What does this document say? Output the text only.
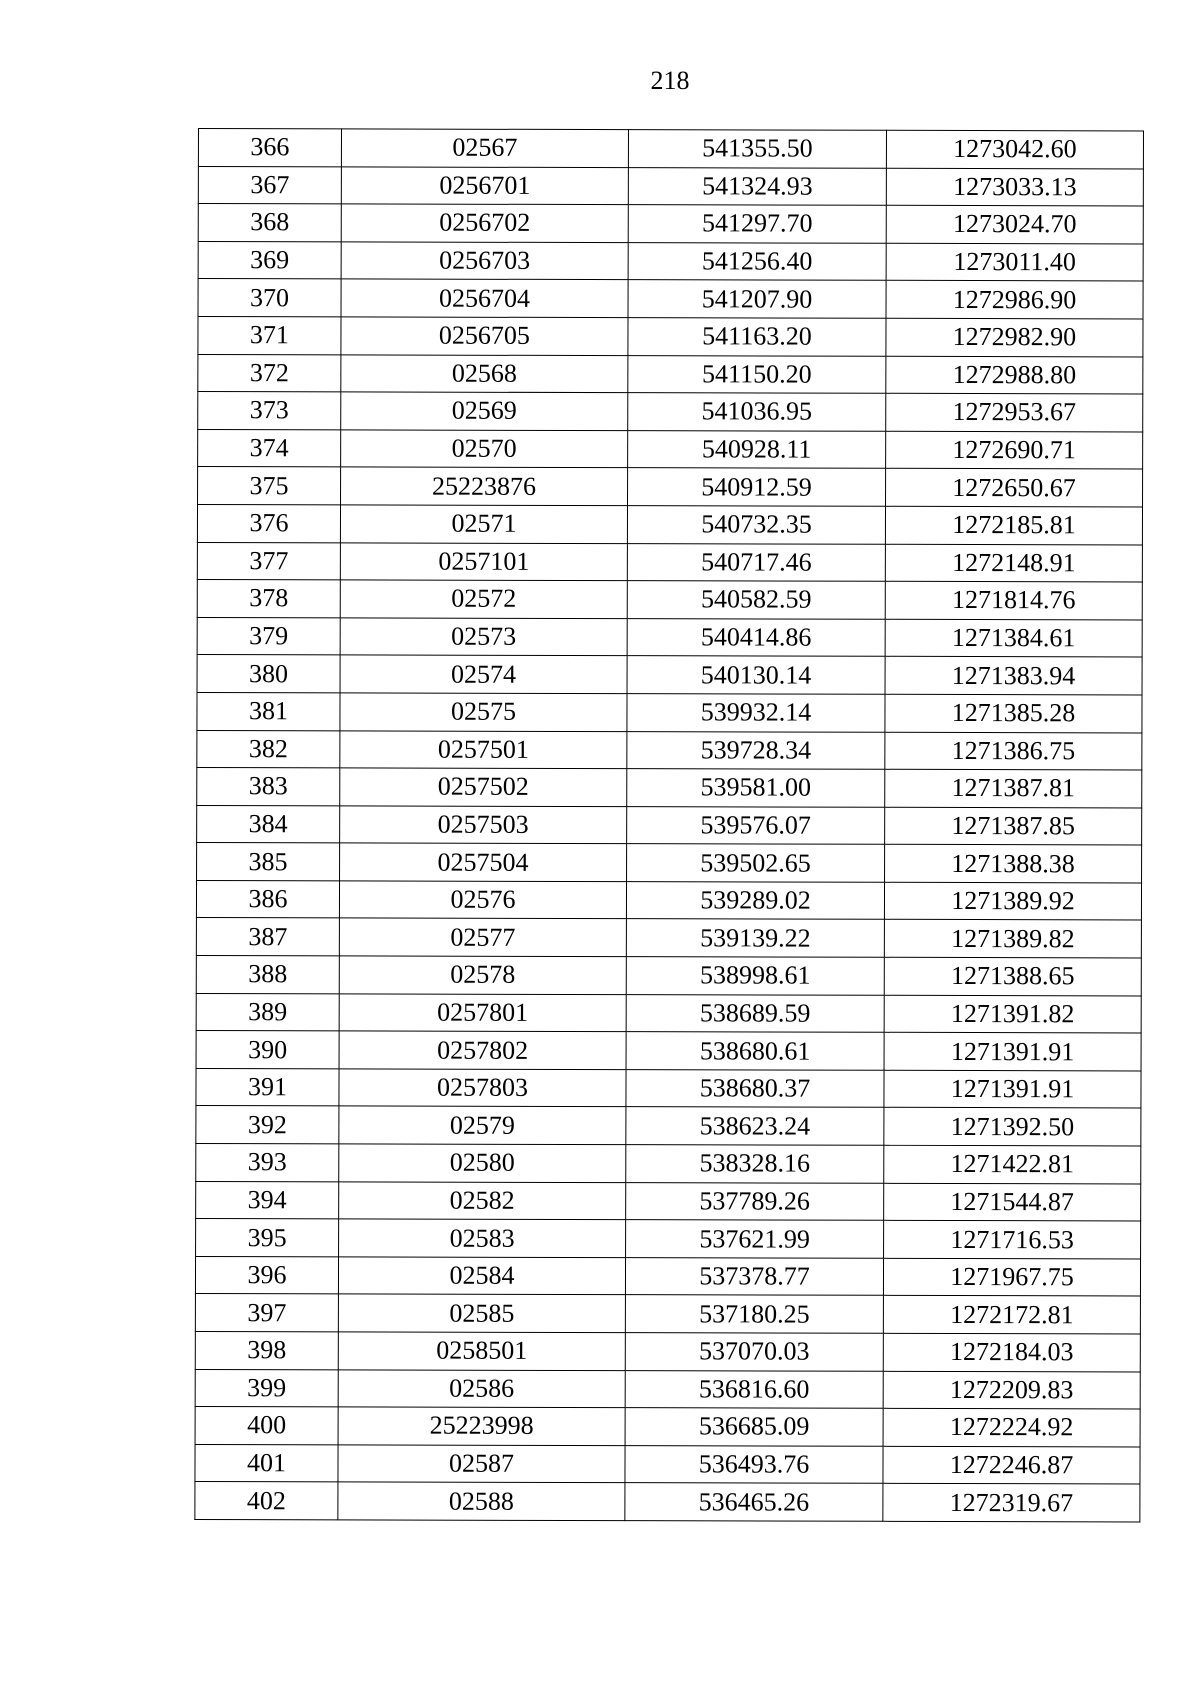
218
366	02567	541355.50	1273042.60
367	0256701	541324.93	1273033.13
368	0256702	541297.70	1273024.70
369	0256703	541256.40	1273011.40
370	0256704	541207.90	1272986.90
371	0256705	541163.20	1272982.90
372	02568	541150.20	1272988.80
373	02569	541036.95	1272953.67
374	02570	540928.11	1272690.71
375	25223876	540912.59	1272650.67
376	02571	540732.35	1272185.81
377	0257101	540717.46	1272148.91
378	02572	540582.59	1271814.76
379	02573	540414.86	1271384.61
380	02574	540130.14	1271383.94
381	02575	539932.14	1271385.28
382	0257501	539728.34	1271386.75
383	0257502	539581.00	1271387.81
384	0257503	539576.07	1271387.85
385	0257504	539502.65	1271388.38
386	02576	539289.02	1271389.92
387	02577	539139.22	1271389.82
388	02578	538998.61	1271388.65
389	0257801	538689.59	1271391.82
390	0257802	538680.61	1271391.91
391	0257803	538680.37	1271391.91
392	02579	538623.24	1271392.50
393	02580	538328.16	1271422.81
394	02582	537789.26	1271544.87
395	02583	537621.99	1271716.53
396	02584	537378.77	1271967.75
397	02585	537180.25	1272172.81
398	0258501	537070.03	1272184.03
399	02586	536816.60	1272209.83
400	25223998	536685.09	1272224.92
401	02587	536493.76	1272246.87
402	02588	536465.26	1272319.67
